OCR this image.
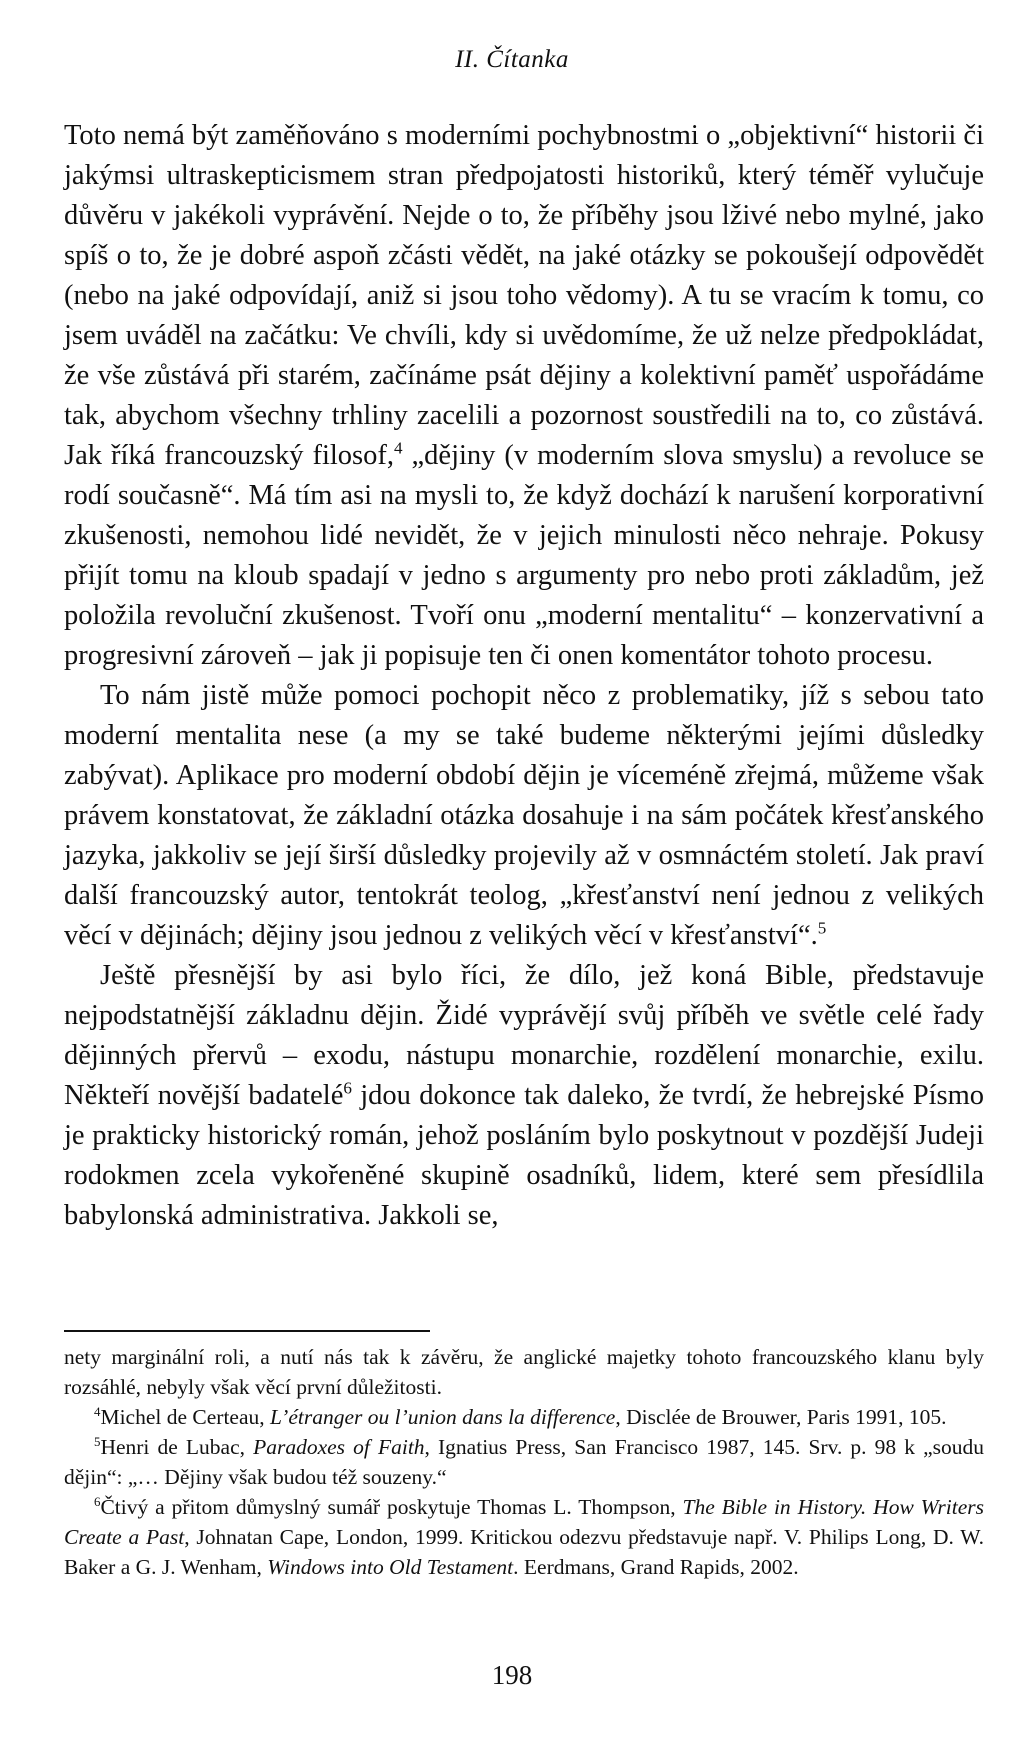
II. Čítanka

Toto nemá být zaměňováno s moderními pochybnostmi o „objektivní“ historii či jakýmsi ultraskepticismem stran předpojatosti historiků, který téměř vylučuje důvěru v jakékoli vyprávění. Nejde o to, že příběhy jsou lživé nebo mylné, jako spíš o to, že je dobré aspoň zčásti vědět, na jaké otázky se pokoušejí odpovědět (nebo na jaké odpovídají, aniž si jsou toho vědomy). A tu se vracím k tomu, co jsem uváděl na začátku: Ve chvíli, kdy si uvědomíme, že už nelze předpokládat, že vše zůstává při starém, začínáme psát dějiny a kolektivní paměť uspořádáme tak, abychom všechny trhliny zacelili a pozornost soustředili na to, co zůstává. Jak říká francouzský filosof,$^4$ „dějiny (v moderním slova smyslu) a revoluce se rodí současně“. Má tím asi na mysli to, že když dochází k narušení korporativní zkušenosti, nemohou lidé nevidět, že v jejich minulosti něco nehraje. Pokusy přijít tomu na kloub spadají v jedno s argumenty pro nebo proti základům, jež položila revoluční zkušenost. Tvoří onu „moderní mentalitu“ – konzervativní a progresivní zároveň – jak ji popisuje ten či onen komentátor tohoto procesu.

To nám jistě může pomoci pochopit něco z problematiky, jíž s sebou tato moderní mentalita nese (a my se také budeme některými jejími důsledky zabývat). Aplikace pro moderní období dějin je víceméně zřejmá, můžeme však právem konstatovat, že základní otázka dosahuje i na sám počátek křesťanského jazyka, jakkoliv se její širší důsledky projevily až v osmnáctém století. Jak praví další francouzský autor, tentokrát teolog, „křesťanství není jednou z velikých věcí v dějinách; dějiny jsou jednou z velikých věcí v křesťanství“.$^5$

Ještě přesnější by asi bylo říci, že dílo, jež koná Bible, představuje nejpodstatnější základnu dějin. Židé vyprávějí svůj příběh ve světle celé řady dějinných přervů – exodu, nástupu monarchie, rozdělení monarchie, exilu. Někteří novější badatelé$^6$ jdou dokonce tak daleko, že tvrdí, že hebrejské Písmo je prakticky historický román, jehož posláním bylo poskytnout v pozdější Judeji rodokmen zcela vykořeněné skupině osadníků, lidem, které sem přesídlila babylonská administrativa. Jakkoli se,

nety marginální roli, a nutí nás tak k závěru, že anglické majetky tohoto francouzského klanu byly rozsáhlé, nebyly však věcí první důležitosti.

$^4$Michel de Certeau, L’étranger ou l’union dans la difference, Disclée de Brouwer, Paris 1991, 105.

$^5$Henri de Lubac, Paradoxes of Faith, Ignatius Press, San Francisco 1987, 145. Srv. p. 98 k „soudu dějin“: „… Dějiny však budou též souzeny.“

$^6$Čtivý a přitom důmyslný sumář poskytuje Thomas L. Thompson, The Bible in History. How Writers Create a Past, Johnatan Cape, London, 1999. Kritickou odezvu představuje např. V. Philips Long, D. W. Baker a G. J. Wenham, Windows into Old Testament. Eerdmans, Grand Rapids, 2002.

198
